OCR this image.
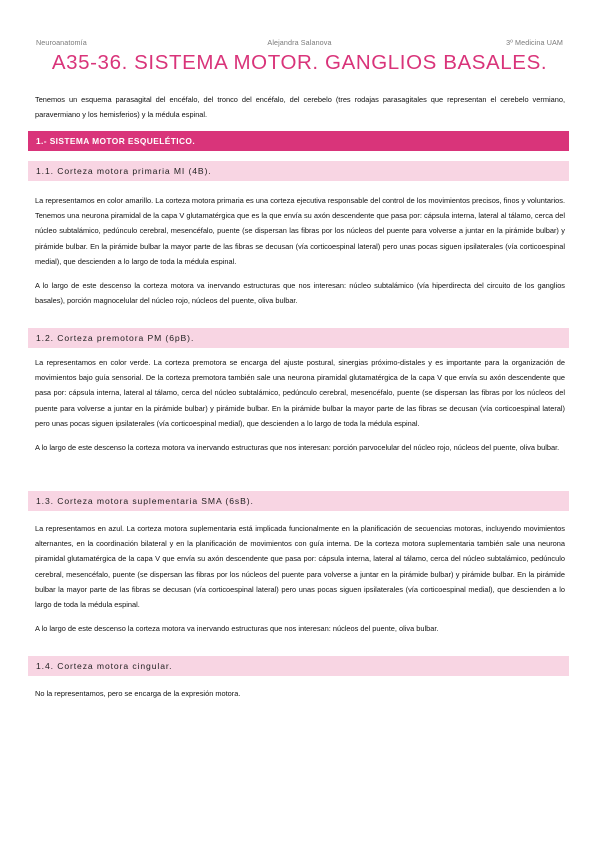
Neuroanatomía	Alejandra Salanova	3º Medicina UAM
A35-36. SISTEMA MOTOR. GANGLIOS BASALES.

Tenemos un esquema parasagital del encéfalo, del tronco del encéfalo, del cerebelo (tres rodajas parasagitales que representan el cerebelo vermiano, paravermiano y los hemisferios) y la médula espinal.

1.- SISTEMA MOTOR ESQUELÉTICO.
1.1. Corteza motora primaria MI (4B).

La representamos en color amarillo. La corteza motora primaria es una corteza ejecutiva responsable del control de los movimientos precisos, finos y voluntarios. Tenemos una neurona piramidal de la capa V glutamatérgica que es la que envía su axón descendente que pasa por: cápsula interna, lateral al tálamo, cerca del núcleo subtalámico, pedúnculo cerebral, mesencéfalo, puente (se dispersan las fibras por los núcleos del puente para volverse a juntar en la pirámide bulbar) y pirámide bulbar. En la pirámide bulbar la mayor parte de las fibras se decusan (vía corticoespinal lateral) pero unas pocas siguen ipsilaterales (vía corticoespinal medial), que descienden a lo largo de toda la médula espinal.

A lo largo de este descenso la corteza motora va inervando estructuras que nos interesan: núcleo subtalámico (vía hiperdirecta del circuito de los ganglios basales), porción magnocelular del núcleo rojo, núcleos del puente, oliva bulbar.

1.2. Corteza premotora PM (6pB).

La representamos en color verde. La corteza premotora se encarga del ajuste postural, sinergias próximo-distales y es importante para la organización de movimientos bajo guía sensorial. De la corteza premotora también sale una neurona piramidal glutamatérgica de la capa V que envía su axón descendente que pasa por: cápsula interna, lateral al tálamo, cerca del núcleo subtalámico, pedúnculo cerebral, mesencéfalo, puente (se dispersan las fibras por los núcleos del puente para volverse a juntar en la pirámide bulbar) y pirámide bulbar. En la pirámide bulbar la mayor parte de las fibras se decusan (vía corticoespinal lateral) pero unas pocas siguen ipsilaterales (vía corticoespinal medial), que descienden a lo largo de toda la médula espinal.

A lo largo de este descenso la corteza motora va inervando estructuras que nos interesan: porción parvocelular del núcleo rojo, núcleos del puente, oliva bulbar.

1.3. Corteza motora suplementaria SMA (6sB).

La representamos en azul. La corteza motora suplementaria está implicada funcionalmente en la planificación de secuencias motoras, incluyendo movimientos alternantes, en la coordinación bilateral y en la planificación de movimientos con guía interna. De la corteza motora suplementaria también sale una neurona piramidal glutamatérgica de la capa V que envía su axón descendente que pasa por: cápsula interna, lateral al tálamo, cerca del núcleo subtalámico, pedúnculo cerebral, mesencéfalo, puente (se dispersan las fibras por los núcleos del puente para volverse a juntar en la pirámide bulbar) y pirámide bulbar. En la pirámide bulbar la mayor parte de las fibras se decusan (vía corticoespinal lateral) pero unas pocas siguen ipsilaterales (vía corticoespinal medial), que descienden a lo largo de toda la médula espinal.

A lo largo de este descenso la corteza motora va inervando estructuras que nos interesan: núcleos del puente, oliva bulbar.

1.4. Corteza motora cingular.

No la representamos, pero se encarga de la expresión motora.
